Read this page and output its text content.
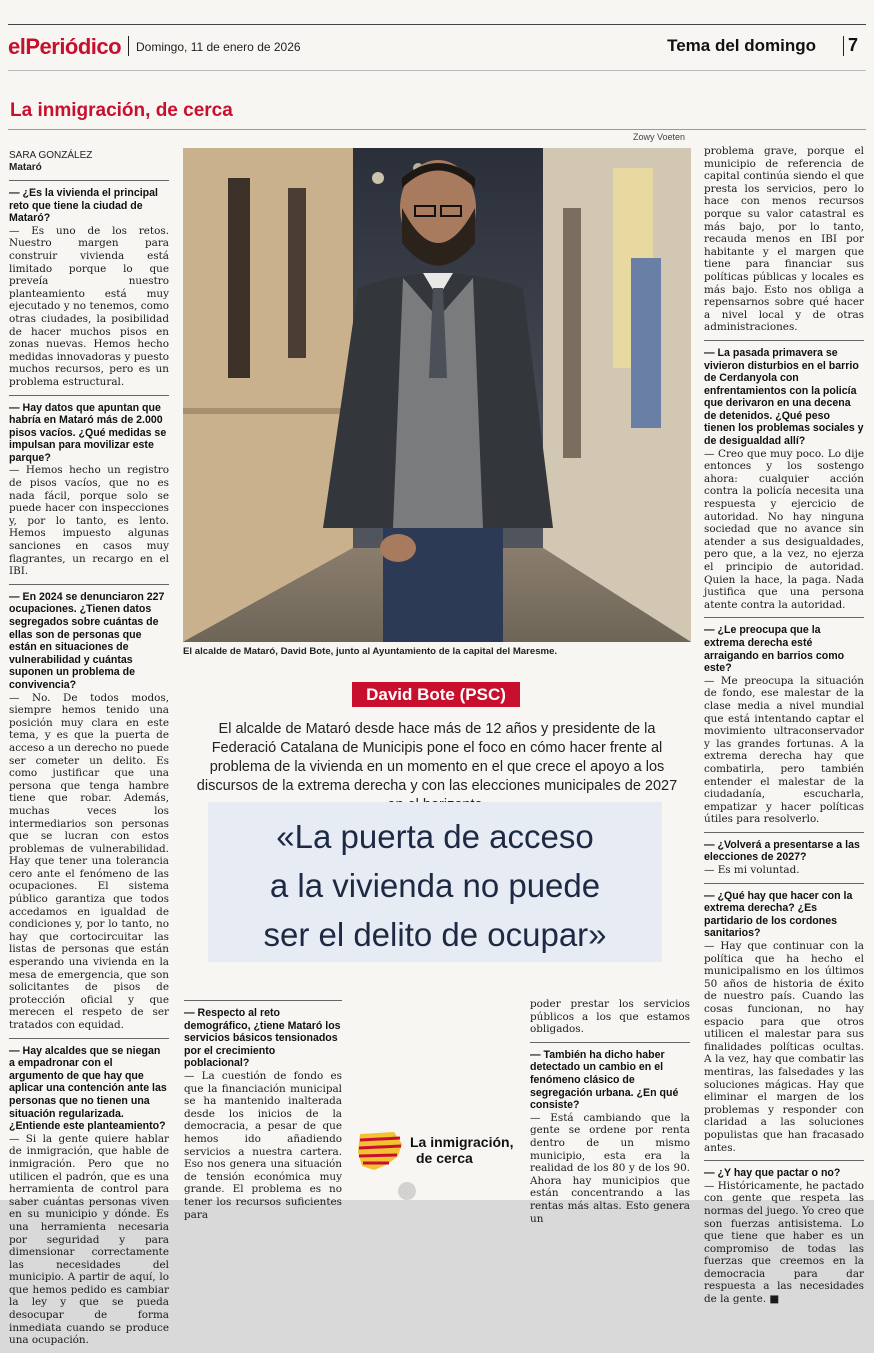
elPeriódico Domingo, 11 de enero de 2026	Tema del domingo 7
La inmigración, de cerca
Zowy Voeten
SARA GONZÁLEZ
Mataró

— ¿Es la vivienda el principal reto que tiene la ciudad de Mataró?

— Es uno de los retos. Nuestro margen para construir vivienda está limitado porque lo que preveía nuestro planteamiento está muy ejecutado y no tenemos, como otras ciudades, la posibilidad de hacer muchos pisos en zonas nuevas. Hemos hecho medidas innovadoras y puesto muchos recursos, pero es un problema estructural.

— Hay datos que apuntan que habría en Mataró más de 2.000 pisos vacíos. ¿Qué medidas se impulsan para movilizar este parque?

— Hemos hecho un registro de pisos vacíos, que no es nada fácil, porque solo se puede hacer con inspecciones y, por lo tanto, es lento. Hemos impuesto algunas sanciones en casos muy flagrantes, un recargo en el IBI.

— En 2024 se denunciaron 227 ocupaciones. ¿Tienen datos segregados sobre cuántas de ellas son de personas que están en situaciones de vulnerabilidad y cuántas suponen un problema de convivencia?

— No. De todos modos, siempre hemos tenido una posición muy clara en este tema, y es que la puerta de acceso a un derecho no puede ser cometer un delito. Es como justificar que una persona que tenga hambre tiene que robar. Además, muchas veces los intermediarios son personas que se lucran con estos problemas de vulnerabilidad. Hay que tener una tolerancia cero ante el fenómeno de las ocupaciones. El sistema público garantiza que todos accedamos en igualdad de condiciones y, por lo tanto, no hay que cortocircuitar las listas de personas que están esperando una vivienda en la mesa de emergencia, que son solicitantes de pisos de protección oficial y que merecen el respeto de ser tratados con equidad.

— Hay alcaldes que se niegan a empadronar con el argumento de que hay que aplicar una contención ante las personas que no tienen una situación regularizada. ¿Entiende este planteamiento?

— Si la gente quiere hablar de inmigración, que hable de inmigración. Pero que no utilicen el padrón, que es una herramienta de control para saber cuántas personas viven en su municipio y dónde. Es una herramienta necesaria por seguridad y para dimensionar correctamente las necesidades del municipio. A partir de aquí, lo que hemos pedido es cambiar la ley y que se pueda desocupar de forma inmediata cuando se produce una ocupación.

El alcalde de Mataró, David Bote, junto al Ayuntamiento de la capital del Maresme.
David Bote (PSC)
El alcalde de Mataró desde hace más de 12 años y presidente de la Federació Catalana de Municipis pone el foco en cómo hacer frente al problema de la vivienda en un momento en el que crece el apoyo a los discursos de la extrema derecha y con las elecciones municipales de 2027
«La puerta de acceso
a la vivienda no puede
ser el delito de ocupar»

— Respecto al reto demográfico, ¿tiene Mataró los servicios básicos tensionados por el crecimiento poblacional?

— La cuestión de fondo es que la financiación municipal se ha mantenido inalterada desde los inicios de la democracia, a pesar de que hemos ido añadiendo servicios a nuestra cartera. Eso nos genera una situación de tensión económica muy grande. El problema es no tener los recursos suficientes para

poder prestar los servicios públicos a los que estamos obligados.

— También ha dicho haber detectado un cambio en el fenómeno clásico de segregación urbana. ¿En qué consiste?

— Está cambiando que la gente se ordene por renta dentro de un mismo municipio, esta era la realidad de los 80 y de los 90. Ahora hay municipios que están concentrando a las rentas más altas. Esto genera un

problema grave, porque el municipio de referencia de capital continúa siendo el que presta los servicios, pero lo hace con menos recursos porque su valor catastral es más bajo, por lo tanto, recauda menos en IBI por habitante y el margen que tiene para financiar sus políticas públicas y locales es más bajo. Esto nos obliga a repensarnos sobre qué hacer a nivel local y de otras administraciones.

— La pasada primavera se vivieron disturbios en el barrio de Cerdanyola con enfrentamientos con la policía que derivaron en una decena de detenidos. ¿Qué peso tienen los problemas sociales y de desigualdad allí?

— Creo que muy poco. Lo dije entonces y los sostengo ahora: cualquier acción contra la policía necesita una respuesta y ejercicio de autoridad. No hay ninguna sociedad que no avance sin atender a sus desigualdades, pero que, a la vez, no ejerza el principio de autoridad. Quien la hace, la paga. Nada justifica que una persona atente contra la autoridad.

— ¿Le preocupa que la extrema derecha esté arraigando en barrios como este?

— Me preocupa la situación de fondo, ese malestar de la clase media a nivel mundial que está intentando captar el movimiento ultraconservador y las grandes fortunas. A la extrema derecha hay que combatirla, pero también entender el malestar de la ciudadanía, escucharla, empatizar y hacer políticas útiles para resolverlo.

— ¿Volverá a presentarse a las elecciones de 2027?

— Es mi voluntad.

— ¿Qué hay que hacer con la extrema derecha? ¿Es partidario de los cordones sanitarios?

— Hay que continuar con la política que ha hecho el municipalismo en los últimos 50 años de historia de éxito de nuestro país. Cuando las cosas funcionan, no hay espacio para que otros utilicen el malestar para sus finalidades políticas ocultas. A la vez, hay que combatir las mentiras, las falsedades y las soluciones mágicas. Hay que eliminar el margen de los problemas y responder con claridad a las soluciones populistas que han fracasado antes.

— ¿Y hay que pactar o no?

— Históricamente, he pactado con gente que respeta las normas del juego. Yo creo que son fuerzas antisistema. Lo que tiene que haber es un compromiso de todas las fuerzas que creemos en la democracia para dar respuesta a las necesidades de la gente. ■

La inmigración,
de cerca
